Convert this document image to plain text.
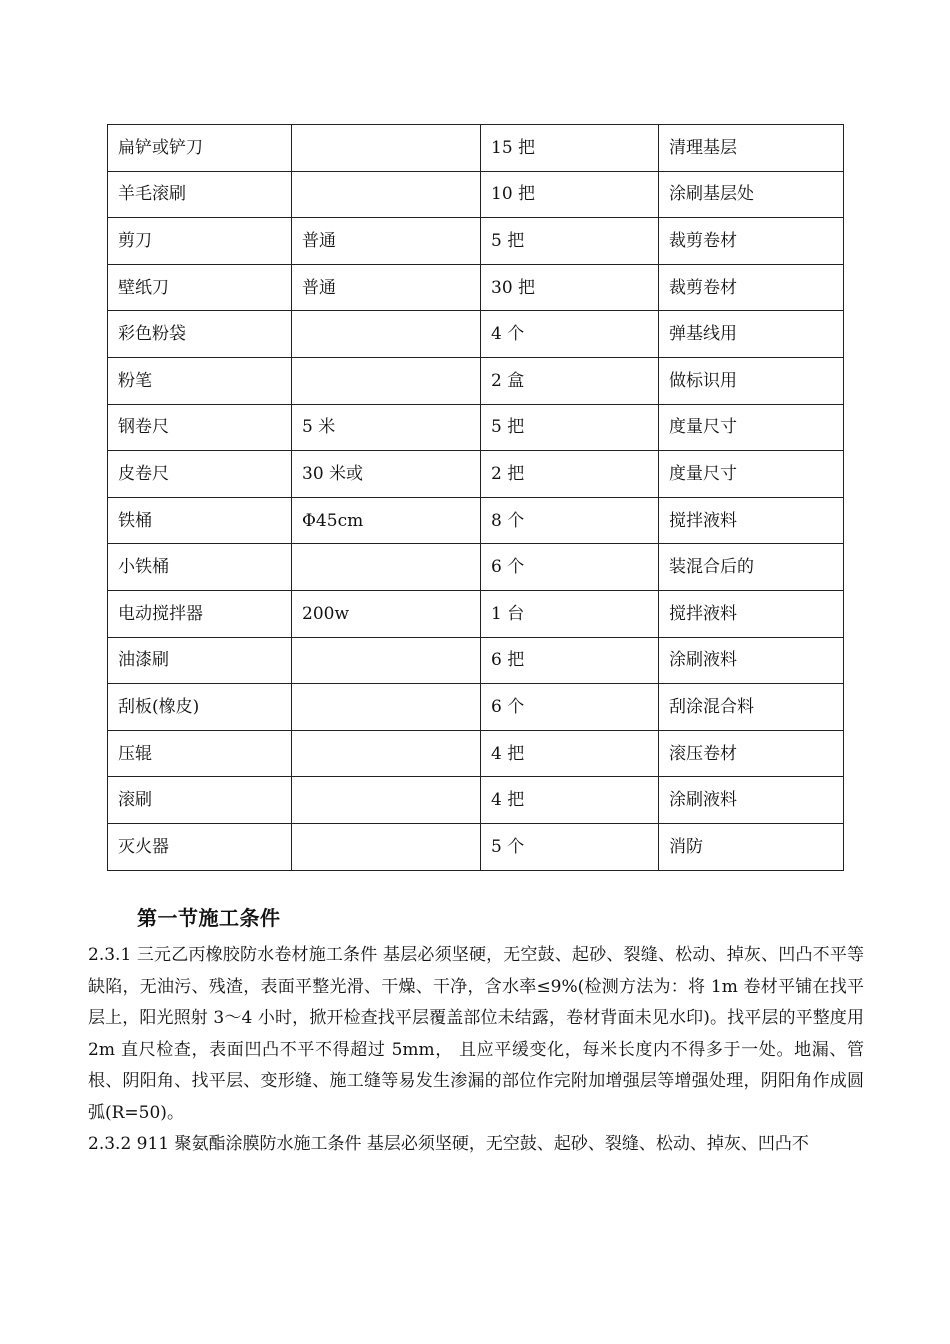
扁铲或铲刀		15 把	清理基层
羊毛滚刷		10 把	涂刷基层处
剪刀	普通	5 把	裁剪卷材
壁纸刀	普通	30 把	裁剪卷材
彩色粉袋		4 个	弹基线用
粉笔		2 盒	做标识用
钢卷尺	5 米	5 把	度量尺寸
皮卷尺	30 米或	2 把	度量尺寸
铁桶	Φ45cm	8 个	搅拌液料
小铁桶		6 个	装混合后的
电动搅拌器	200w	1 台	搅拌液料
油漆刷		6 把	涂刷液料
刮板(橡皮)		6 个	刮涂混合料
压辊		4 把	滚压卷材
滚刷		4 把	涂刷液料
灭火器		5 个	消防
第一节施工条件

2.3.1 三元乙丙橡胶防水卷材施工条件 基层必须坚硬，无空鼓、起砂、裂缝、松动、掉灰、凹凸不平等缺陷，无油污、残渣，表面平整光滑、干燥、干净，含水率≤9%(检测方法为：将 1m 卷材平铺在找平层上，阳光照射 3～4 小时，掀开检查找平层覆盖部位未结露，卷材背面未见水印)。找平层的平整度用 2m 直尺检查，表面凹凸不平不得超过 5mm， 且应平缓变化，每米长度内不得多于一处。地漏、管根、阴阳角、找平层、变形缝、施工缝等易发生渗漏的部位作完附加增强层等增强处理，阴阳角作成圆弧(R=50)。

2.3.2 911 聚氨酯涂膜防水施工条件 基层必须坚硬，无空鼓、起砂、裂缝、松动、掉灰、凹凸不
